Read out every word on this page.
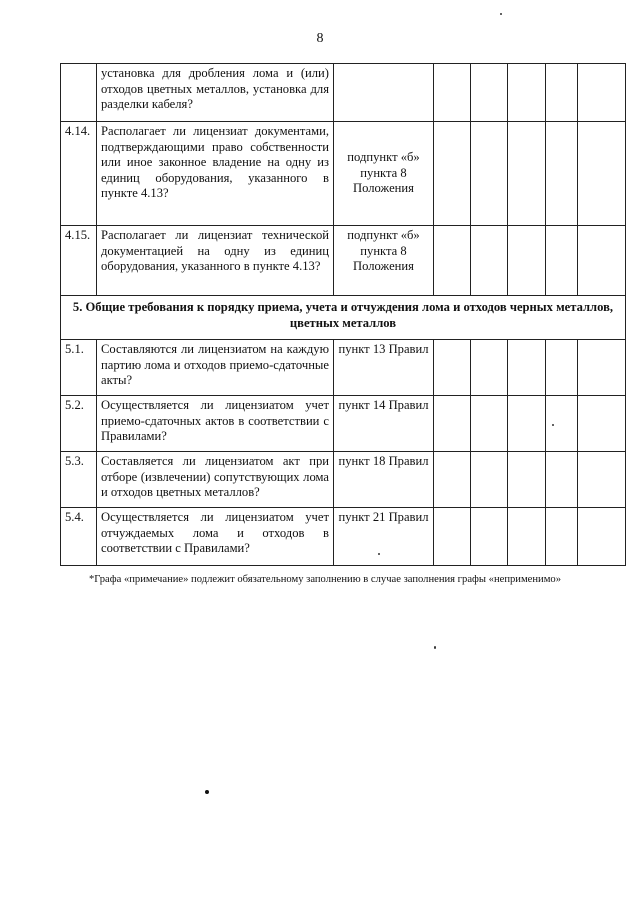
8
	установка для дробления лома и (или) отходов цветных металлов, установка для разделки кабеля?						
4.14.	Располагает ли лицензиат документами, подтверждающими право собственности или иное законное владение на одну из единиц оборудования, указанного в пункте 4.13?	подпункт «б» пункта 8 Положения					
4.15.	Располагает ли лицензиат технической документацией на одну из единиц оборудования, указанного в пункте 4.13?	подпункт «б» пункта 8 Положения					
5. Общие требования к порядку приема, учета и отчуждения лома и отходов черных металлов, цветных металлов							
5.1.	Составляются ли лицензиатом на каждую партию лома и отходов приемо-сдаточные акты?	пункт 13 Правил					
5.2.	Осуществляется ли лицензиатом учет приемо-сдаточных актов в соответствии с Правилами?	пункт 14 Правил					
5.3.	Составляется ли лицензиатом акт при отборе (извлечении) сопутствующих лома и отходов цветных металлов?	пункт 18 Правил					
5.4.	Осуществляется ли лицензиатом учет отчуждаемых лома и отходов в соответствии с Правилами?	пункт 21 Правил					
*Графа «примечание» подлежит обязательному заполнению в случае заполнения графы «неприменимо»
